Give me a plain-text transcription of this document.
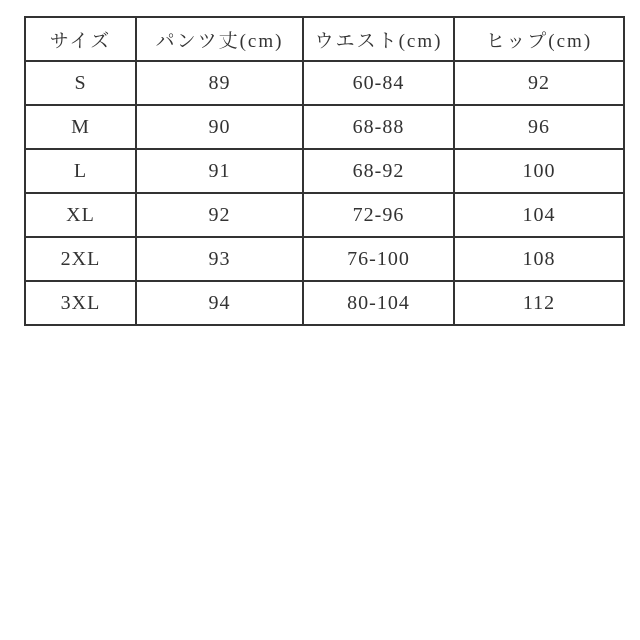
サイズ	パンツ丈(cm)	ウエスト(cm)	ヒップ(cm)
S	89	60-84	92
M	90	68-88	96
L	91	68-92	100
XL	92	72-96	104
2XL	93	76-100	108
3XL	94	80-104	112
